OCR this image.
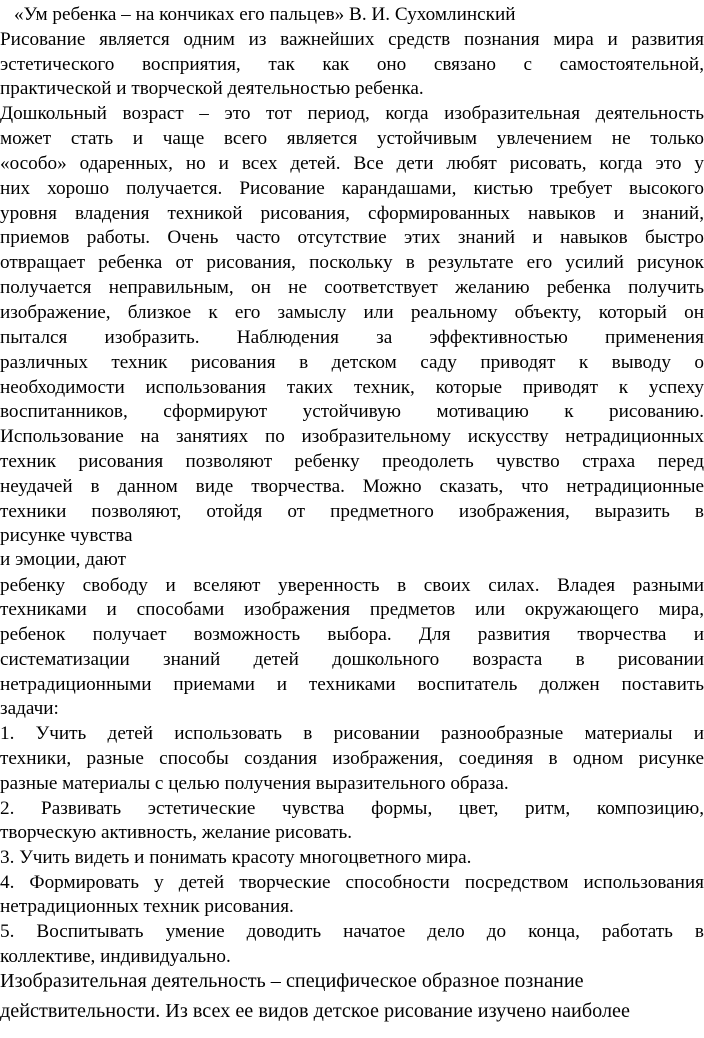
«Ум ребенка – на кончиках его пальцев» В. И. Сухомлинский

Рисование является одним из важнейших средств познания мира и развития

эстетического восприятия, так как оно связано с самостоятельной,

практической и творческой деятельностью ребенка.

Дошкольный возраст – это тот период, когда изобразительная деятельность

может стать и чаще всего является устойчивым увлечением не только

«особо» одаренных, но и всех детей. Все дети любят рисовать, когда это у

них хорошо получается. Рисование карандашами, кистью требует высокого

уровня владения техникой рисования, сформированных навыков и знаний,

приемов работы. Очень часто отсутствие этих знаний и навыков быстро

отвращает ребенка от рисования, поскольку в результате его усилий рисунок

получается неправильным, он не соответствует желанию ребенка получить

изображение, близкое к его замыслу или реальному объекту, который он

пытался изобразить. Наблюдения за эффективностью применения

различных техник рисования в детском саду приводят к выводу о

необходимости использования таких техник, которые приводят к успеху

воспитанников, сформируют устойчивую мотивацию к рисованию.

Использование на занятиях по изобразительному искусству нетрадиционных

техник рисования позволяют ребенку преодолеть чувство страха перед

неудачей в данном виде творчества. Можно сказать, что нетрадиционные

техники позволяют, отойдя от предметного изображения, выразить в

рисунке чувства

и эмоции, дают

ребенку свободу и вселяют уверенность в своих силах. Владея разными

техниками и способами изображения предметов или окружающего мира,

ребенок получает возможность выбора. Для развития творчества и

систематизации знаний детей дошкольного возраста в рисовании

нетрадиционными приемами и техниками воспитатель должен поставить

задачи:

1. Учить детей использовать в рисовании разнообразные материалы и

техники, разные способы создания изображения, соединяя в одном рисунке

разные материалы с целью получения выразительного образа.

2. Развивать эстетические чувства формы, цвет, ритм, композицию,

творческую активность, желание рисовать.

3. Учить видеть и понимать красоту многоцветного мира.

4. Формировать у детей творческие способности посредством использования

нетрадиционных техник рисования.

5. Воспитывать умение доводить начатое дело до конца, работать в

коллективе, индивидуально.

Изобразительная деятельность – специфическое образное познание

действительности. Из всех ее видов детское рисование изучено наиболее
